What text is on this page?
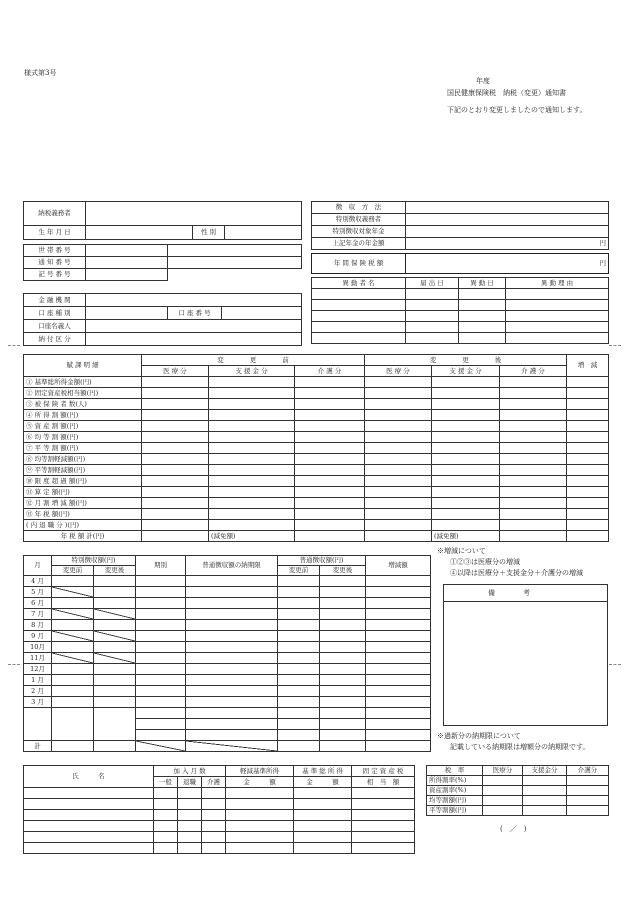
様式第3号
年度
国民健康保険税　納税（変更）通知書
下記のとおり変更しましたので通知します。
納税義務者			
生 年 月 日		性 別	
世 帯 番 号		
通 知 番 号		
記 号 番 号		
金 融 機 関			
口 座 種 別		口 座 番 号	
口座名義人			
納 付 区 分			
徴　収　方　法	
特別徴収義務者	
特別徴収対象年金	
上記年金の年金額	円
年 間 保 険 税 額	円
異 動 者 名	届 出 日	異 動 日	異 動 理 由

賦 課 明 細	変　　　　更　　　　前			変　　　　更　　　　後			増　減
	医 療 分	支 援 金 分	介 護 分	医 療 分	支 援 金 分	介 護 分	
① 基準総所得金額(円)							
② 固定資産税相当額(円)							
③ 被 保 険 者 数(人)							
④ 所 得 割 額(円)							
⑤ 資 産 割 額(円)							
⑥ 均 等 割 額(円)							
⑦ 平 等 割 額(円)							
⑧ 均等割軽減額(円)							
⑨ 平等割軽減額(円)							
⑩ 限 度 超 過 額(円)							
⑪ 算 定 額(円)							
⑫ 月 割 増 減 額(円)							
⑬ 年 税 額(円)							
( 内 退 職 分 )(円)							
年 税 額 計(円)		(減免額)			(減免額)		
月	特別徴収額(円)		期別	普通徴収額の納期限	普通徴収額(円)		増減額
	変更前	変更後			変更前	変更後	
4 月							
5 月							
6 月							
7 月							
8 月							
9 月							
10月							
11月							
12月							
1 月							
2 月							
3 月							

計							
※増減について
①②③は医療分の増減
④以降は医療分＋支援金分＋介護分の増減
備　　　　考
※過新分の納期限について
記載している納期限は増額分の納期限です。
氏　　　名	加 入 月 数			軽減基準所得	基 準 総 所 得	固 定 資 産 税
	一般	退職	介護	金　　　額	金　　　額	相　当　額

税　率	医療分	支援金分	介護分
所得割率(%)			
資産割率(%)			
均等割額(円)			
平等割額(円)			
(　／　)
